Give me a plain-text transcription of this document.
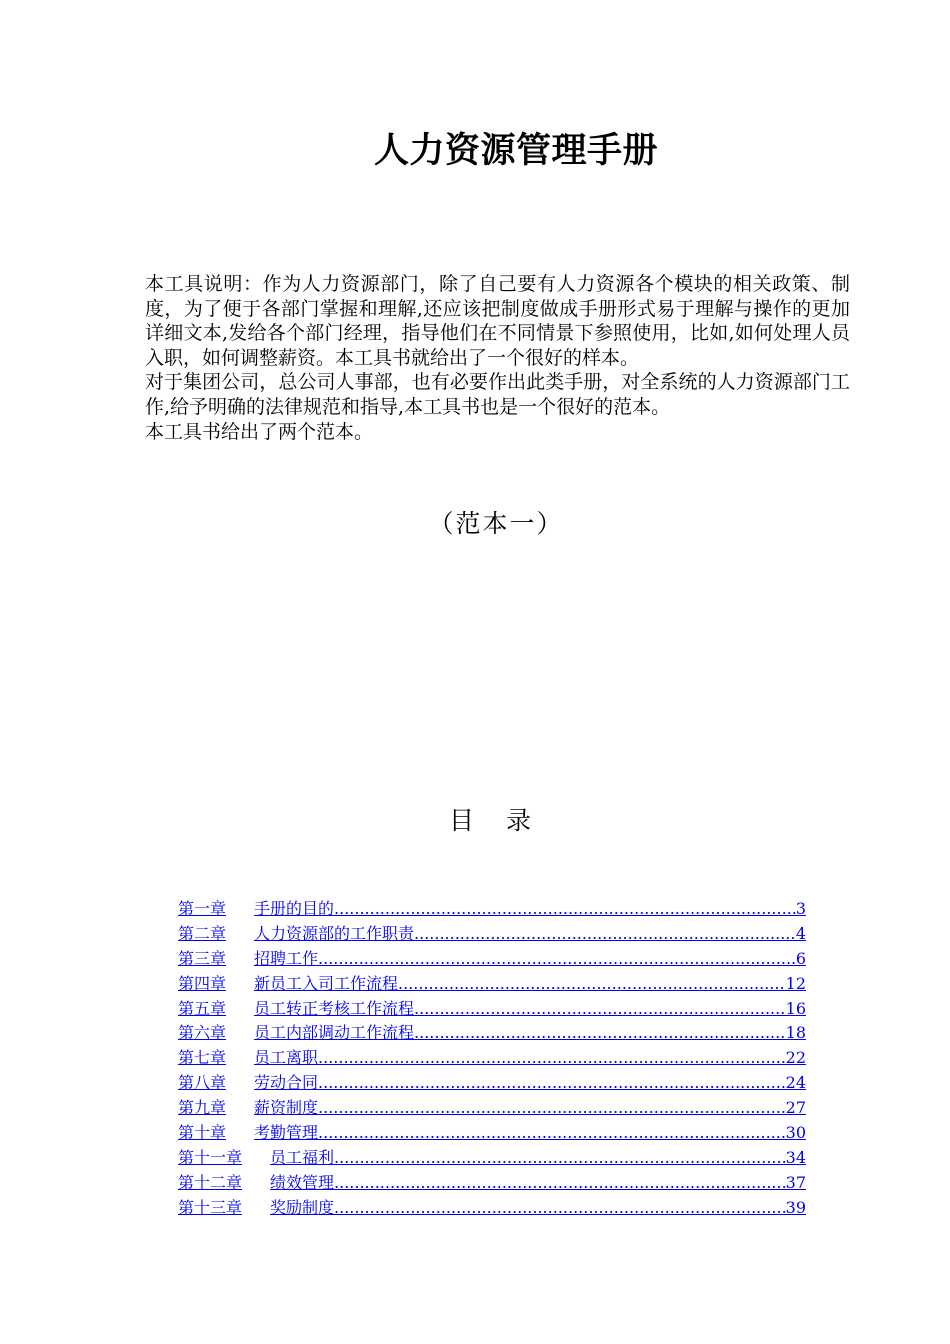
人力资源管理手册

本工具说明：作为人力资源部门，除了自己要有人力资源各个模块的相关政策、制度，为了便于各部门掌握和理解,还应该把制度做成手册形式易于理解与操作的更加详细文本,发给各个部门经理，指导他们在不同情景下参照使用，比如,如何处理人员入职，如何调整薪资。本工具书就给出了一个很好的样本。

对于集团公司，总公司人事部，也有必要作出此类手册，对全系统的人力资源部门工作,给予明确的法律规范和指导,本工具书也是一个很好的范本。

本工具书给出了两个范本。

（范本一）
目 录
第一章 手册的目的 .....	3
第二章 人力资源部的工作职责 .....	4
第三章 招聘工作 .....	6
第四章 新员工入司工作流程 .....	12
第五章 员工转正考核工作流程 .....	16
第六章 员工内部调动工作流程 .....	18
第七章 员工离职 .....	22
第八章 劳动合同 .....	24
第九章 薪资制度 .....	27
第十章 考勤管理 .....	30
第十一章 员工福利 .....	34
第十二章 绩效管理 .....	37
第十三章 奖励制度 .....	39
